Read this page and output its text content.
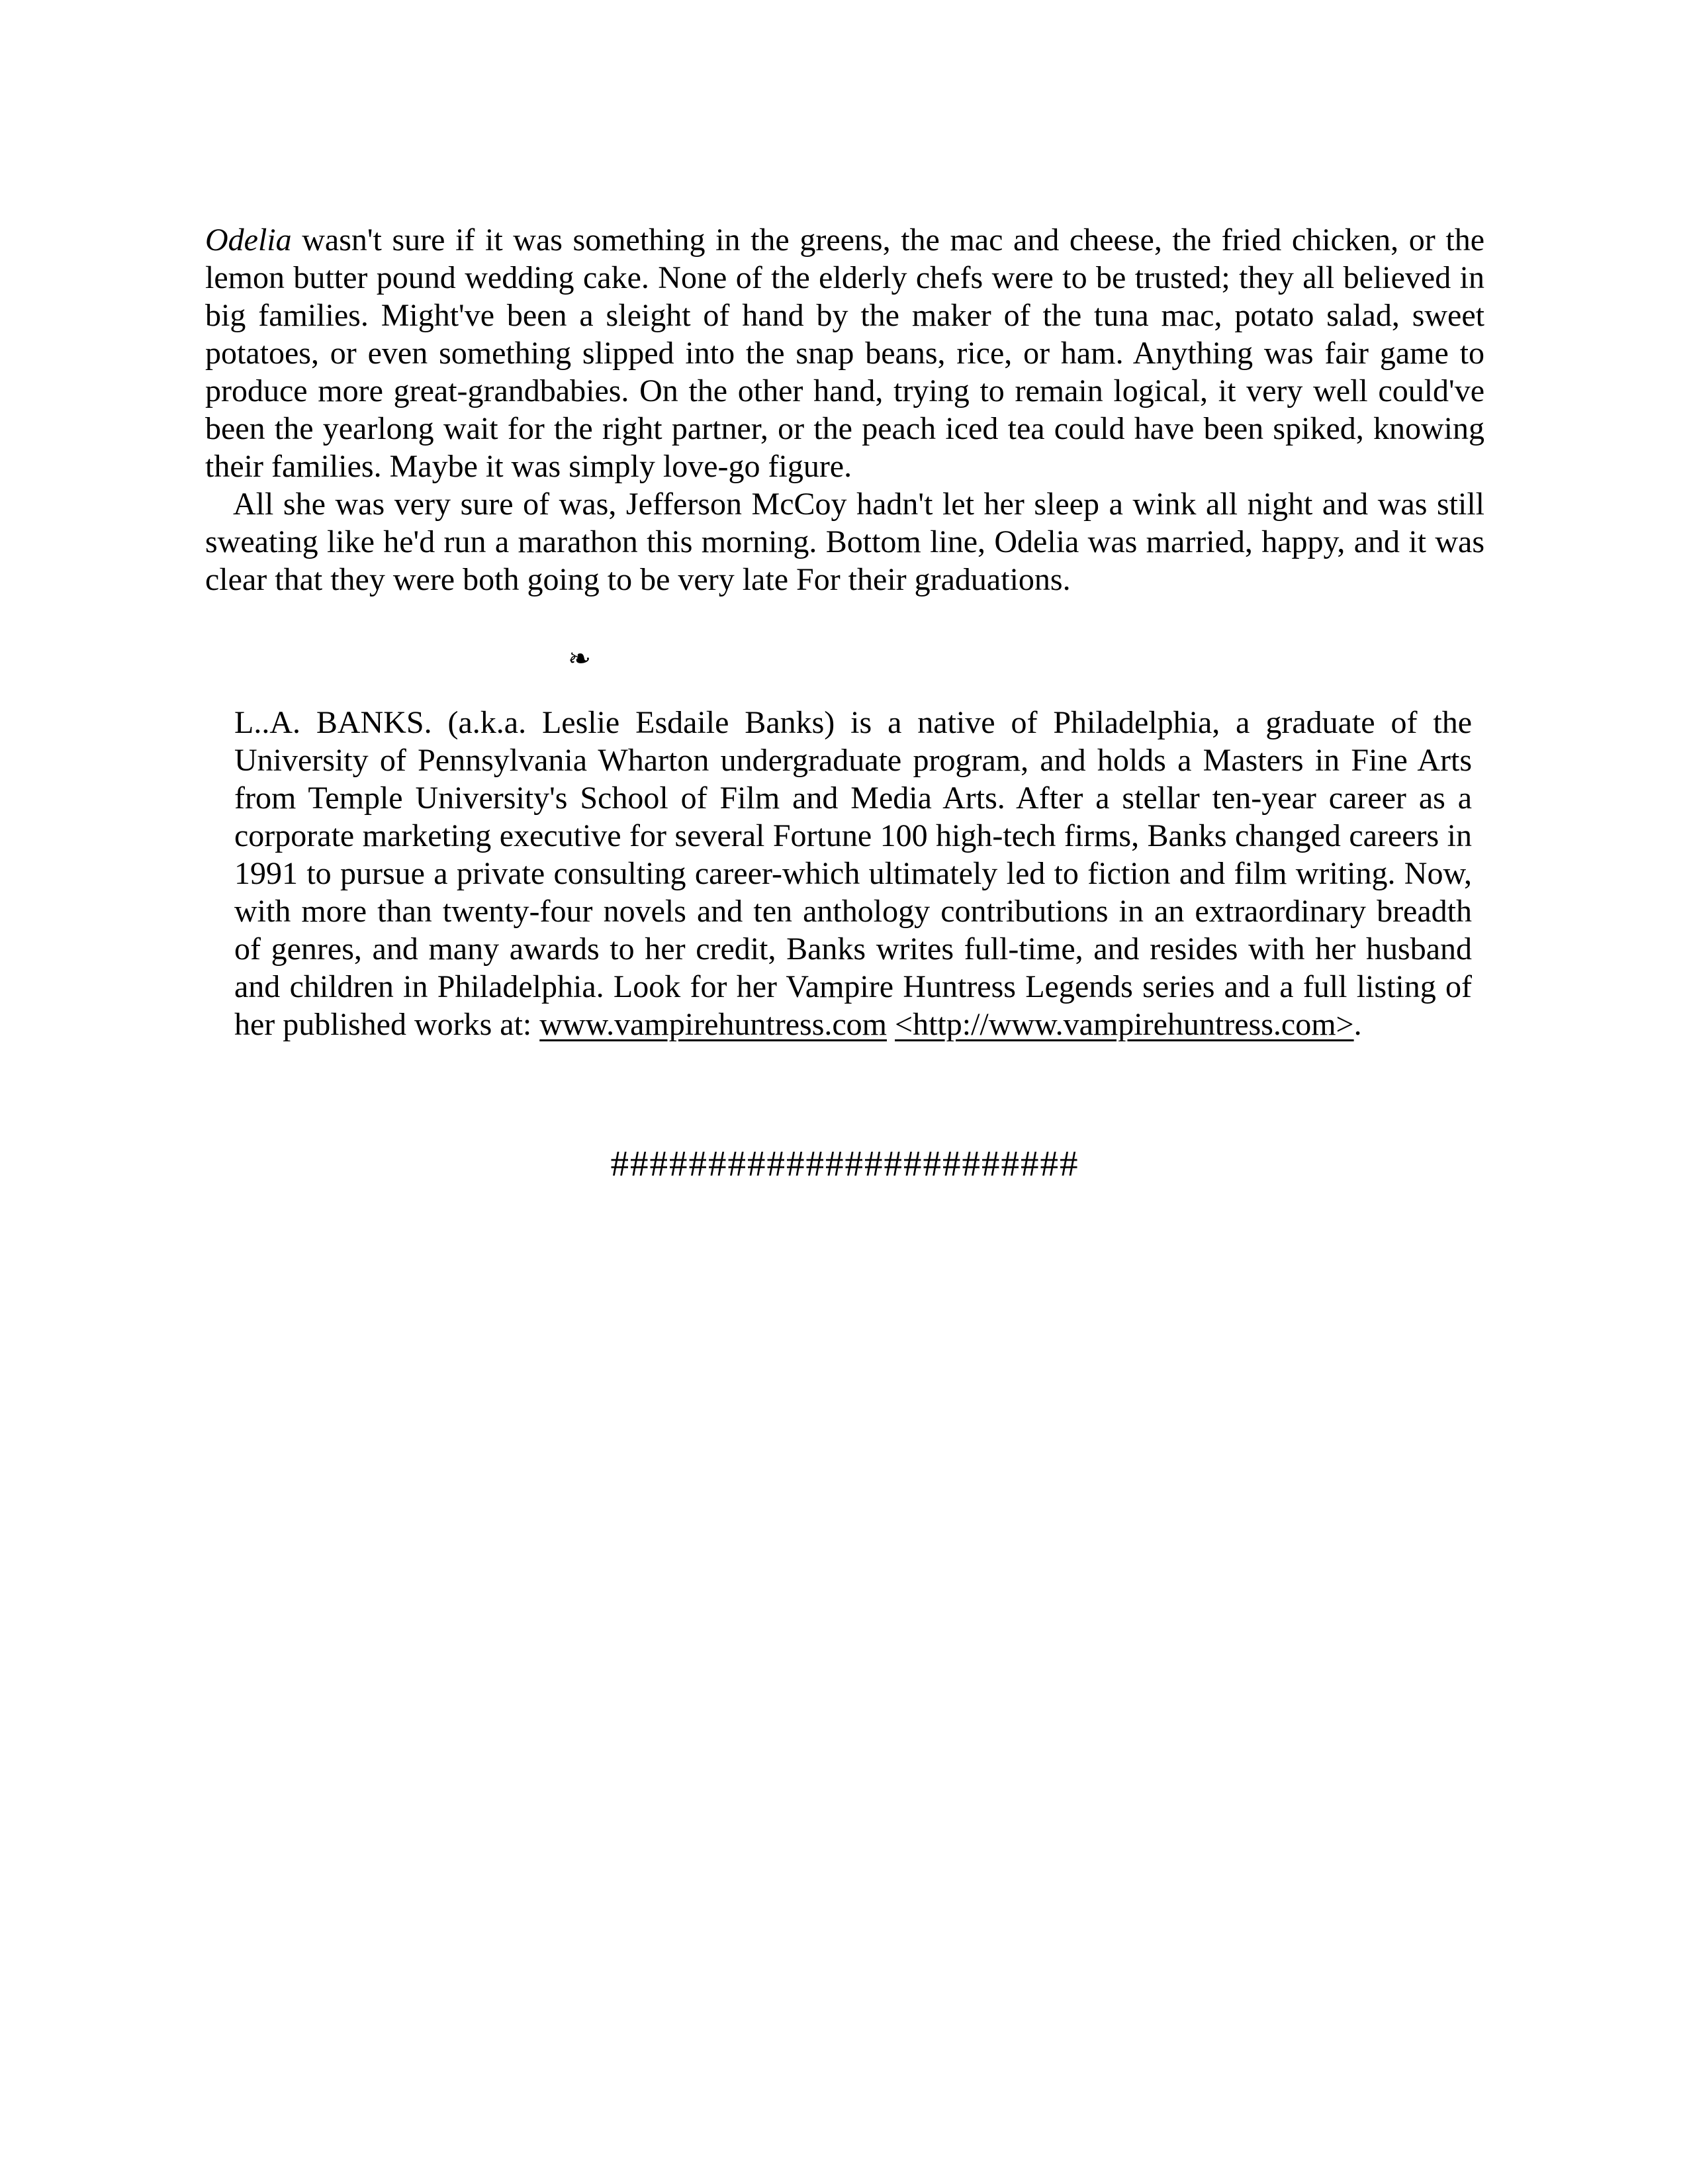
Odelia wasn't sure if it was something in the greens, the mac and cheese, the fried chicken, or the lemon butter pound wedding cake. None of the elderly chefs were to be trusted; they all believed in big families. Might've been a sleight of hand by the maker of the tuna mac, potato salad, sweet potatoes, or even something slipped into the snap beans, rice, or ham. Anything was fair game to produce more great-grandbabies. On the other hand, trying to remain logical, it very well could've been the yearlong wait for the right partner, or the peach iced tea could have been spiked, knowing their families. Maybe it was simply love-go figure.

All she was very sure of was, Jefferson McCoy hadn't let her sleep a wink all night and was still sweating like he'd run a marathon this morning. Bottom line, Odelia was married, happy, and it was clear that they were both going to be very late For their graduations.

❧

L..A. BANKS. (a.k.a. Leslie Esdaile Banks) is a native of Philadelphia, a graduate of the University of Pennsylvania Wharton undergraduate program, and holds a Masters in Fine Arts from Temple University's School of Film and Media Arts. After a stellar ten-year career as a corporate marketing executive for several Fortune 100 high-tech firms, Banks changed careers in 1991 to pursue a private consulting career-which ultimately led to fiction and film writing. Now, with more than twenty-four novels and ten anthology contributions in an extraordinary breadth of genres, and many awards to her credit, Banks writes full-time, and resides with her husband and children in Philadelphia. Look for her Vampire Huntress Legends series and a full listing of her published works at: www.vampirehuntress.com <http://www.vampirehuntress.com>.

########################
